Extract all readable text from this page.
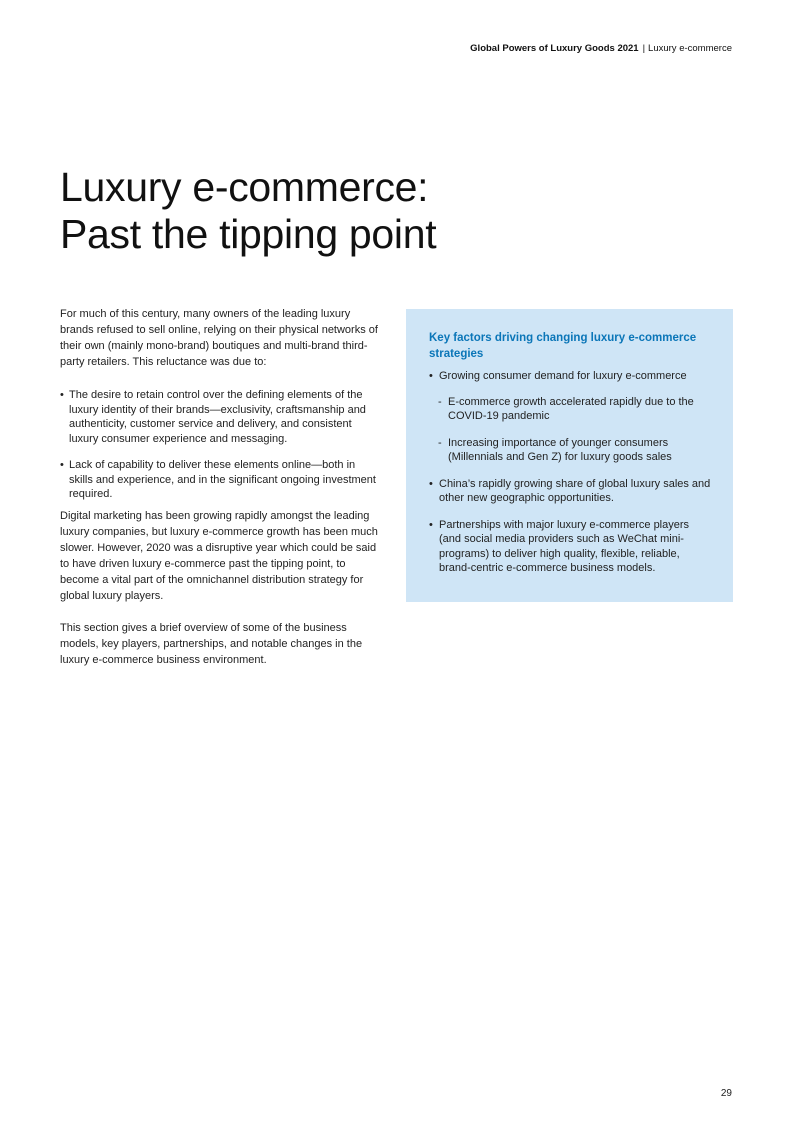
Global Powers of Luxury Goods 2021 | Luxury e-commerce
Luxury e-commerce:
Past the tipping point

For much of this century, many owners of the leading luxury brands refused to sell online, relying on their physical networks of their own (mainly mono-brand) boutiques and multi-brand third-party retailers. This reluctance was due to:

• The desire to retain control over the defining elements of the luxury identity of their brands—exclusivity, craftsmanship and authenticity, customer service and delivery, and consistent luxury consumer experience and messaging.
• Lack of capability to deliver these elements online—both in skills and experience, and in the significant ongoing investment required.

Digital marketing has been growing rapidly amongst the leading luxury companies, but luxury e-commerce growth has been much slower. However, 2020 was a disruptive year which could be said to have driven luxury e-commerce past the tipping point, to become a vital part of the omnichannel distribution strategy for global luxury players.

This section gives a brief overview of some of the business models, key players, partnerships, and notable changes in the luxury e-commerce business environment.

Key factors driving changing luxury e-commerce strategies
• Growing consumer demand for luxury e-commerce
- E-commerce growth accelerated rapidly due to the COVID-19 pandemic
- Increasing importance of younger consumers (Millennials and Gen Z) for luxury goods sales
• China’s rapidly growing share of global luxury sales and other new geographic opportunities.
• Partnerships with major luxury e-commerce players (and social media providers such as WeChat mini-programs) to deliver high quality, flexible, reliable, brand-centric e-commerce business models.
29
